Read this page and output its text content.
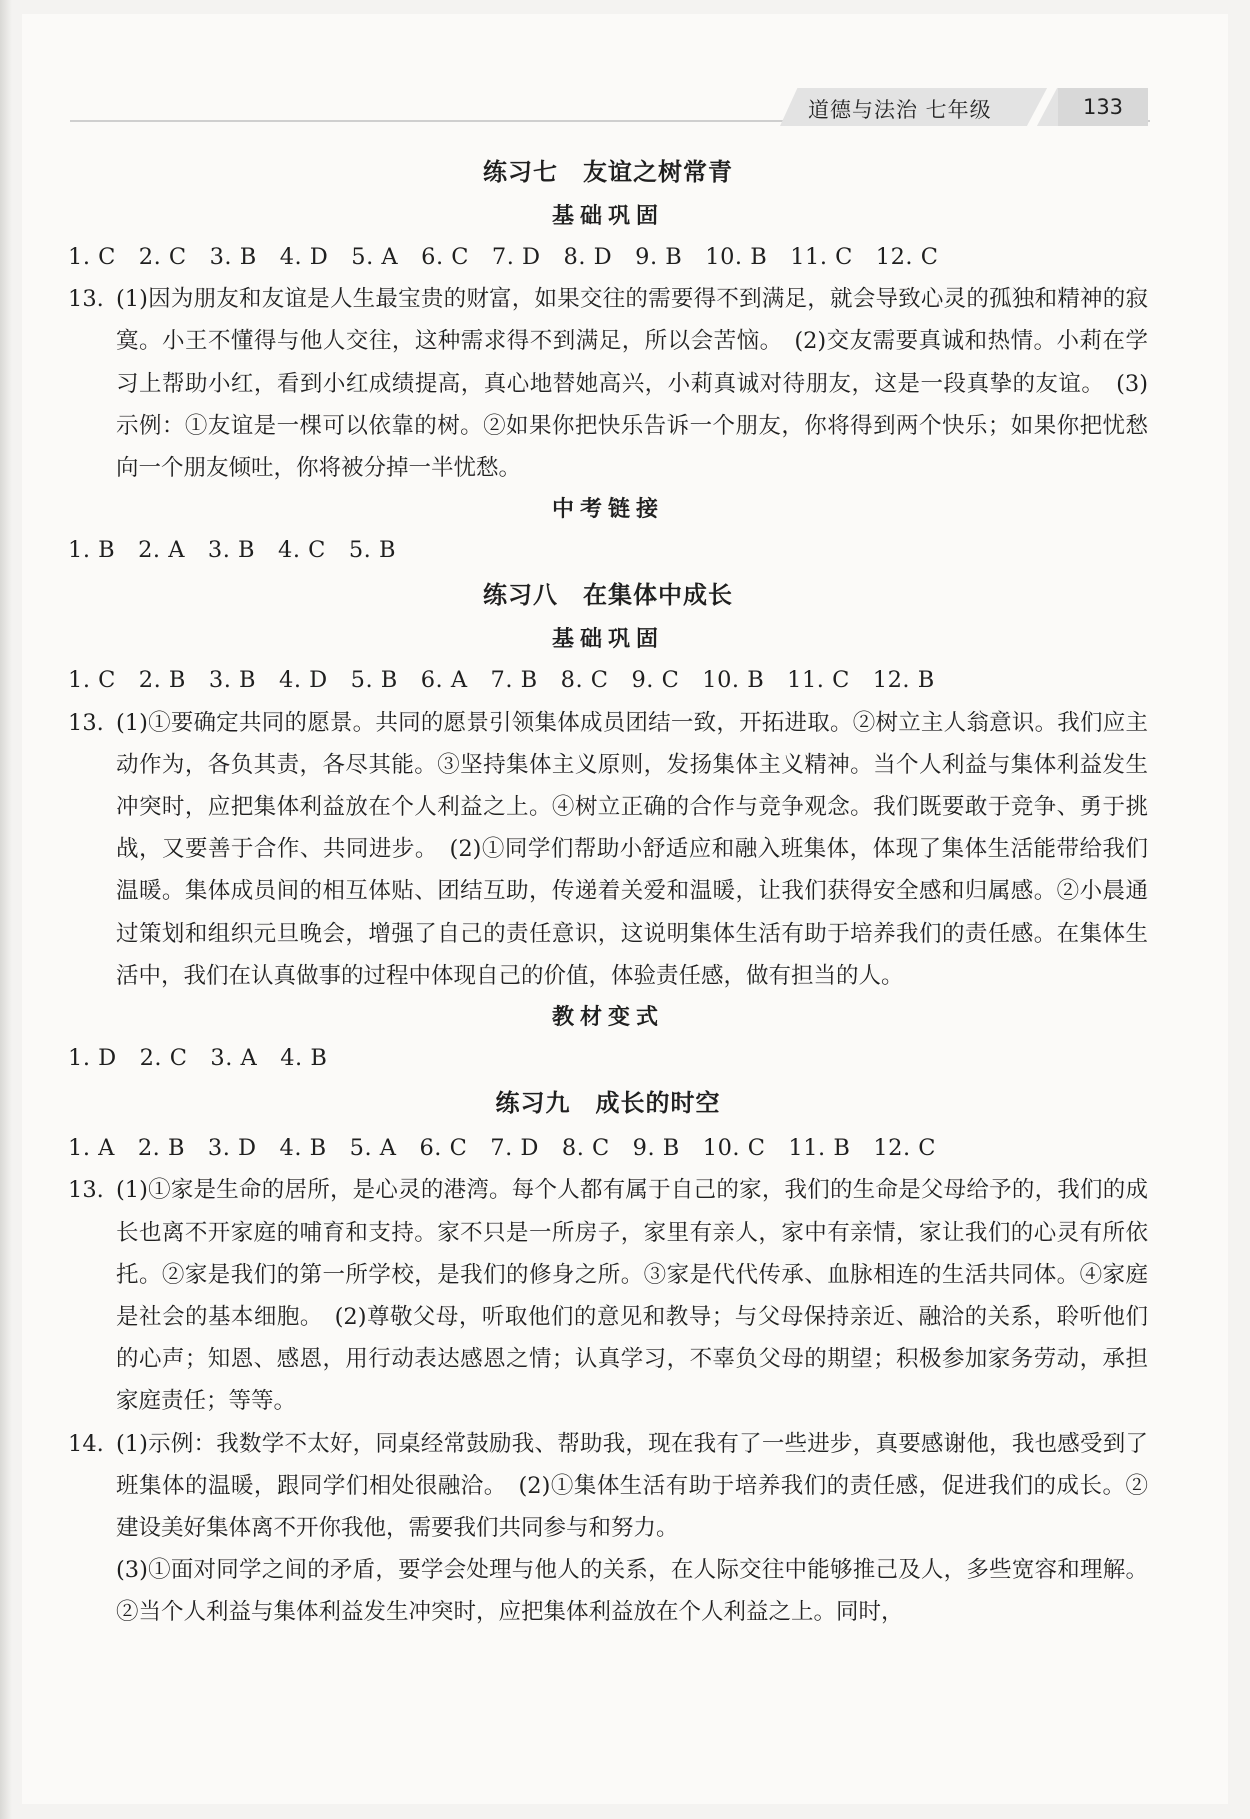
道德与法治 七年级	133
练习七　友谊之树常青
基础巩固
1. C   2. C   3. B   4. D   5. A   6. C   7. D   8. D   9. B   10. B   11. C   12. C
13. (1)因为朋友和友谊是人生最宝贵的财富，如果交往的需要得不到满足，就会导致心灵的孤独和精神的寂寞。小王不懂得与他人交往，这种需求得不到满足，所以会苦恼。　(2)交友需要真诚和热情。小莉在学习上帮助小红，看到小红成绩提高，真心地替她高兴，小莉真诚对待朋友，这是一段真挚的友谊。　(3)示例：①友谊是一棵可以依靠的树。②如果你把快乐告诉一个朋友，你将得到两个快乐；如果你把忧愁向一个朋友倾吐，你将被分掉一半忧愁。

中考链接
1. B   2. A   3. B   4. C   5. B
练习八　在集体中成长
基础巩固
1. C   2. B   3. B   4. D   5. B   6. A   7. B   8. C   9. C   10. B   11. C   12. B
13. (1)①要确定共同的愿景。共同的愿景引领集体成员团结一致，开拓进取。②树立主人翁意识。我们应主动作为，各负其责，各尽其能。③坚持集体主义原则，发扬集体主义精神。当个人利益与集体利益发生冲突时，应把集体利益放在个人利益之上。④树立正确的合作与竞争观念。我们既要敢于竞争、勇于挑战，又要善于合作、共同进步。　(2)①同学们帮助小舒适应和融入班集体，体现了集体生活能带给我们温暖。集体成员间的相互体贴、团结互助，传递着关爱和温暖，让我们获得安全感和归属感。②小晨通过策划和组织元旦晚会，增强了自己的责任意识，这说明集体生活有助于培养我们的责任感。在集体生活中，我们在认真做事的过程中体现自己的价值，体验责任感，做有担当的人。

教材变式
1. D   2. C   3. A   4. B
练习九　成长的时空
1. A   2. B   3. D   4. B   5. A   6. C   7. D   8. C   9. B   10. C   11. B   12. C
13. (1)①家是生命的居所，是心灵的港湾。每个人都有属于自己的家，我们的生命是父母给予的，我们的成长也离不开家庭的哺育和支持。家不只是一所房子，家里有亲人，家中有亲情，家让我们的心灵有所依托。②家是我们的第一所学校，是我们的修身之所。③家是代代传承、血脉相连的生活共同体。④家庭是社会的基本细胞。　(2)尊敬父母，听取他们的意见和教导；与父母保持亲近、融洽的关系，聆听他们的心声；知恩、感恩，用行动表达感恩之情；认真学习，不辜负父母的期望；积极参加家务劳动，承担家庭责任；等等。

14. (1)示例：我数学不太好，同桌经常鼓励我、帮助我，现在我有了一些进步，真要感谢他，我也感受到了班集体的温暖，跟同学们相处很融洽。　(2)①集体生活有助于培养我们的责任感，促进我们的成长。②建设美好集体离不开你我他，需要我们共同参与和努力。

(3)①面对同学之间的矛盾，要学会处理与他人的关系，在人际交往中能够推己及人，多些宽容和理解。②当个人利益与集体利益发生冲突时，应把集体利益放在个人利益之上。同时，
